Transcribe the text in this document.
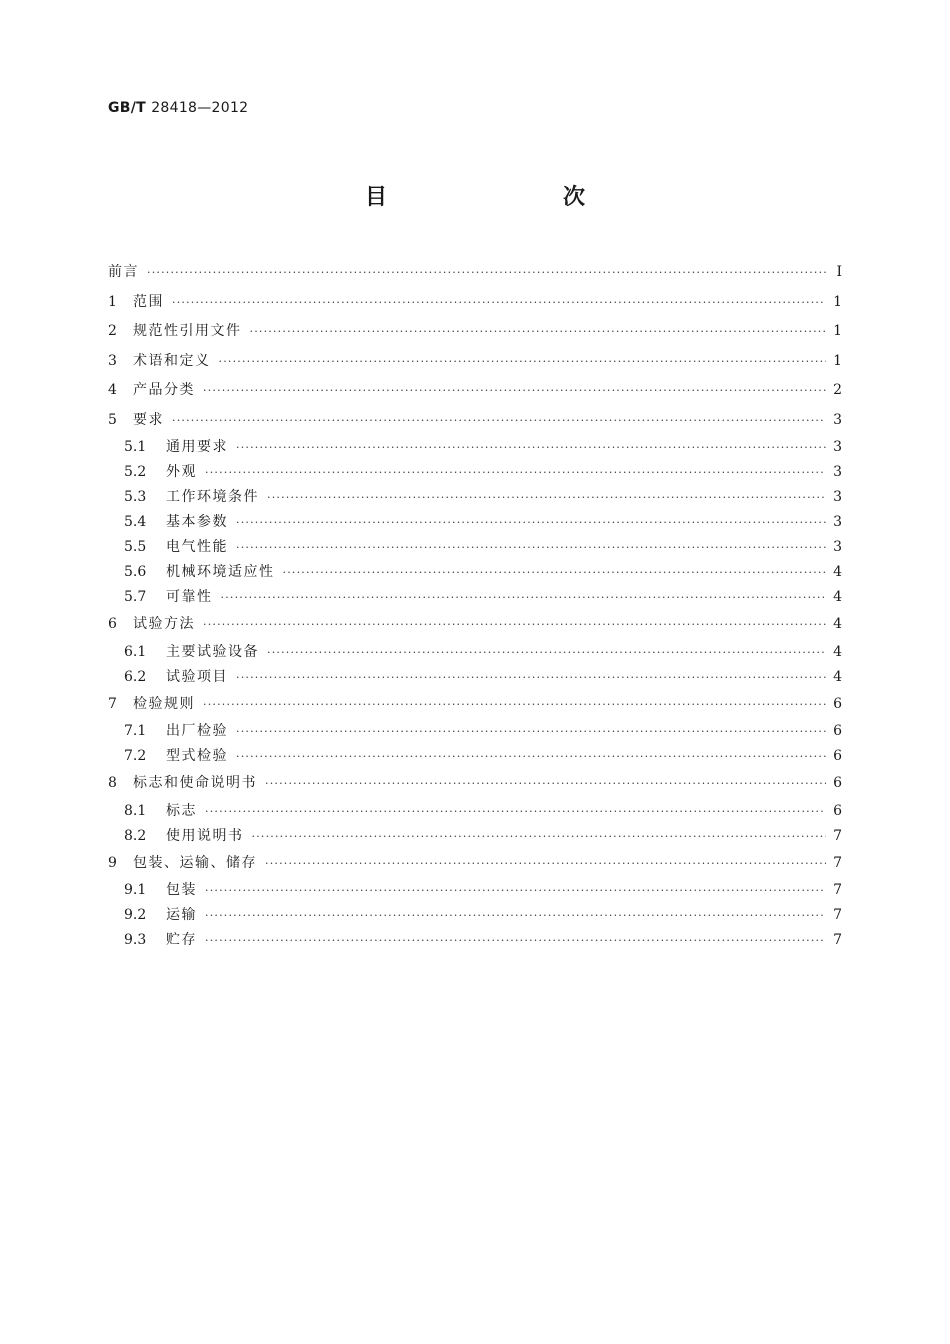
GB/T 28418—2012
目　　次
前言 ·····	Ⅰ
1	范围 ·····	1
2	规范性引用文件 ·····	1
3	术语和定义 ·····	1
4	产品分类 ·····	2
5	要求 ·····	3
5.1	通用要求 ·····	3
5.2	外观 ·····	3
5.3	工作环境条件 ·····	3
5.4	基本参数 ·····	3
5.5	电气性能 ·····	3
5.6	机械环境适应性 ·····	4
5.7	可靠性 ·····	4
6	试验方法 ·····	4
6.1	主要试验设备 ·····	4
6.2	试验项目 ·····	4
7	检验规则 ·····	6
7.1	出厂检验 ·····	6
7.2	型式检验 ·····	6
8	标志和使命说明书 ·····	6
8.1	标志 ·····	6
8.2	使用说明书 ·····	7
9	包装、运输、储存 ·····	7
9.1	包装 ·····	7
9.2	运输 ·····	7
9.3	贮存 ·····	7
